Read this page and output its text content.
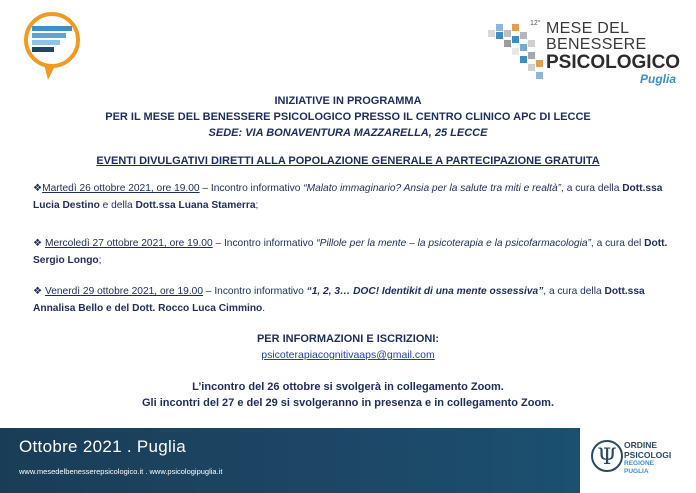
12° MESE DEL
BENESSERE
PSICOLOGICO
Puglia
INIZIATIVE IN PROGRAMMA
PER IL MESE DEL BENESSERE PSICOLOGICO PRESSO IL CENTRO CLINICO APC DI LECCE
SEDE: VIA BONAVENTURA MAZZARELLA, 25 LECCE
EVENTI DIVULGATIVI DIRETTI ALLA POPOLAZIONE GENERALE A PARTECIPAZIONE GRATUITA
❖Martedì 26 ottobre 2021, ore 19.00 – Incontro informativo “Malato immaginario? Ansia per la salute tra miti e realtà”, a cura della Dott.ssa Lucia Destino e della Dott.ssa Luana Stamerra;
❖ Mercoledì 27 ottobre 2021, ore 19.00 – Incontro informativo “Pillole per la mente – la psicoterapia e la psicofarmacologia”, a cura del Dott. Sergio Longo;
❖ Venerdì 29 ottobre 2021, ore 19.00 – Incontro informativo “1, 2, 3… DOC! Identikit di una mente ossessiva”, a cura della Dott.ssa Annalisa Bello e del Dott. Rocco Luca Cimmino.
PER INFORMAZIONI E ISCRIZIONI:
psicoterapiacognitivaaps@gmail.com
L’incontro del 26 ottobre si svolgerà in collegamento Zoom.
Gli incontri del 27 e del 29 si svolgeranno in presenza e in collegamento Zoom.
Ottobre 2021 . Puglia
www.mesedelbenesserepsicologico.it . www.psicologipuglia.it
Ψ ORDINE
PSICOLOGI
REGIONE
PUGLIA
